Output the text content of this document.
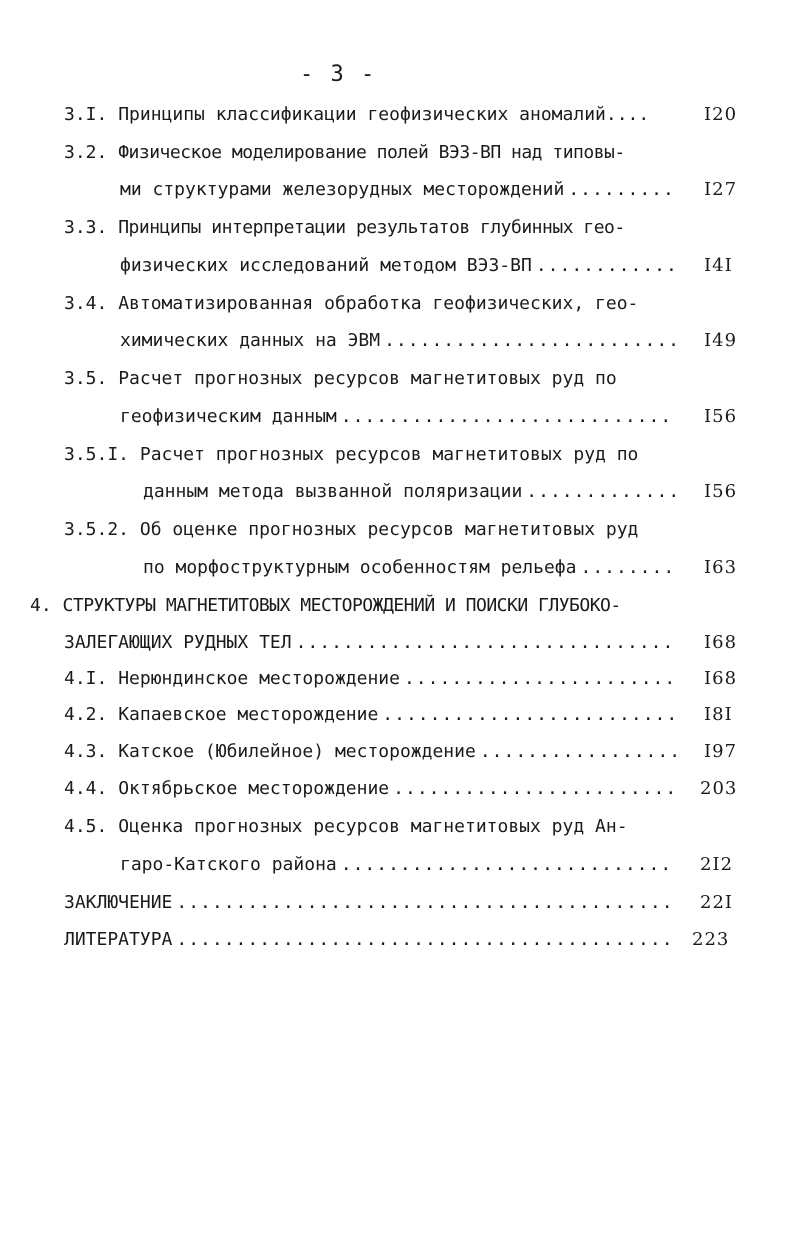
- 3 -
3.I.
Принципы классификации геофизических аномалий....	I20
3.2.
Физическое моделирование полей ВЭЗ-ВП над типовы-
ми структурами железорудных месторождений .....	I27
3.3.
Принципы интерпретации результатов глубинных гео-
физических исследований методом ВЭЗ-ВП .....	I4I
3.4.
Автоматизированная обработка геофизических, гео-
химических данных на ЭВМ .....	I49
3.5.
Расчет прогнозных ресурсов магнетитовых руд по
геофизическим данным .....	I56
3.5.I.
Расчет прогнозных ресурсов магнетитовых руд по
данным метода вызванной поляризации .....	I56
3.5.2.
Об оценке прогнозных ресурсов магнетитовых руд
по морфоструктурным особенностям рельефа .....	I63
4.
СТРУКТУРЫ МАГНЕТИТОВЫХ МЕСТОРОЖДЕНИЙ И ПОИСКИ ГЛУБОКО-
ЗАЛЕГАЮЩИХ РУДНЫХ ТЕЛ .....	I68
4.I.
Нерюндинское месторождение .....	I68
4.2.
Капаевское месторождение .....	I8I
4.3.
Катское (Юбилейное) месторождение .....	I97
4.4.
Октябрьское месторождение .....	203
4.5.
Оценка прогнозных ресурсов магнетитовых руд Ан-
гаро-Катского района .....	2I2
ЗАКЛЮЧЕНИЕ .....	22I
ЛИТЕРАТУРА .....	223
